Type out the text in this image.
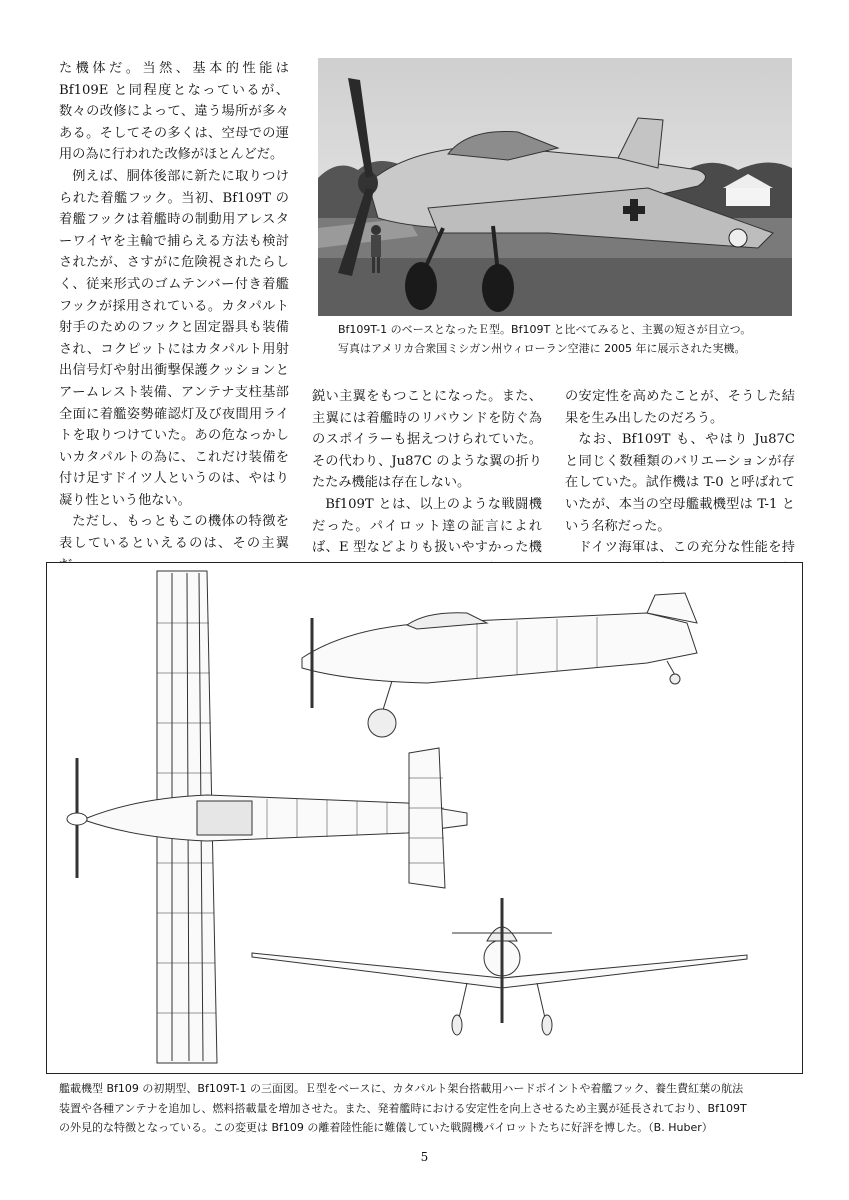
た機体だ。当然、基本的性能は Bf109E と同程度となっているが、数々の改修によって、違う場所が多々ある。そしてその多くは、空母での運用の為に行われた改修がほとんどだ。

例えば、胴体後部に新たに取りつけられた着艦フック。当初、Bf109T の着艦フックは着艦時の制動用アレスターワイヤを主輪で捕らえる方法も検討されたが、さすがに危険視されたらしく、従来形式のゴムテンバー付き着艦フックが採用されている。カタパルト射手のためのフックと固定器具も装備され、コクピットにはカタパルト用射出信号灯や射出衝撃保護クッションとアームレスト装備、アンテナ支柱基部全面に着艦姿勢確認灯及び夜間用ライトを取りつけていた。あの危なっかしいカタパルトの為に、これだけ装備を付け足すドイツ人というのは、やはり凝り性という他ない。

ただし、もっともこの機体の特徴を表しているといえるのは、その主翼

Bf109T-1 のベースとなったＥ型。Bf109T と比べてみると、主翼の短さが目立つ。
写真はアメリカ合衆国ミシガン州ウィローラン空港に 2005 年に展示された実機。

鋭い主翼をもつことになった。また、主翼には着艦時のリバウンドを防ぐ為のスポイラーも据えつけられていた。その代わり、Ju87C のような翼の折りたたみ機能は存在しない。

Bf109T とは、以上のような戦闘機だった。パイロット達の証言によれば、E 型などよりも扱いやすかった機

の安定性を高めたことが、そうした結果を生み出したのだろう。

なお、Bf109T も、やはり Ju87C と同じく数種類のバリエーションが存在していた。試作機は T-0 と呼ばれていたが、本当の空母艦載機型は T-1 という名称だった。

ドイツ海軍は、この充分な性能を持

艦載機型 Bf109 の初期型、Bf109T-1 の三面図。Ｅ型をベースに、カタパルト架台搭載用ハードポイントや着艦フック、養生費紅葉の航法
装置や各種アンテナを追加し、燃料搭載量を増加させた。また、発着艦時における安定性を向上させるため主翼が延長されており、Bf109T
の外見的な特徴となっている。この変更は Bf109 の離着陸性能に難儀していた戦闘機パイロットたちに好評を博した。（B. Huber）
5
